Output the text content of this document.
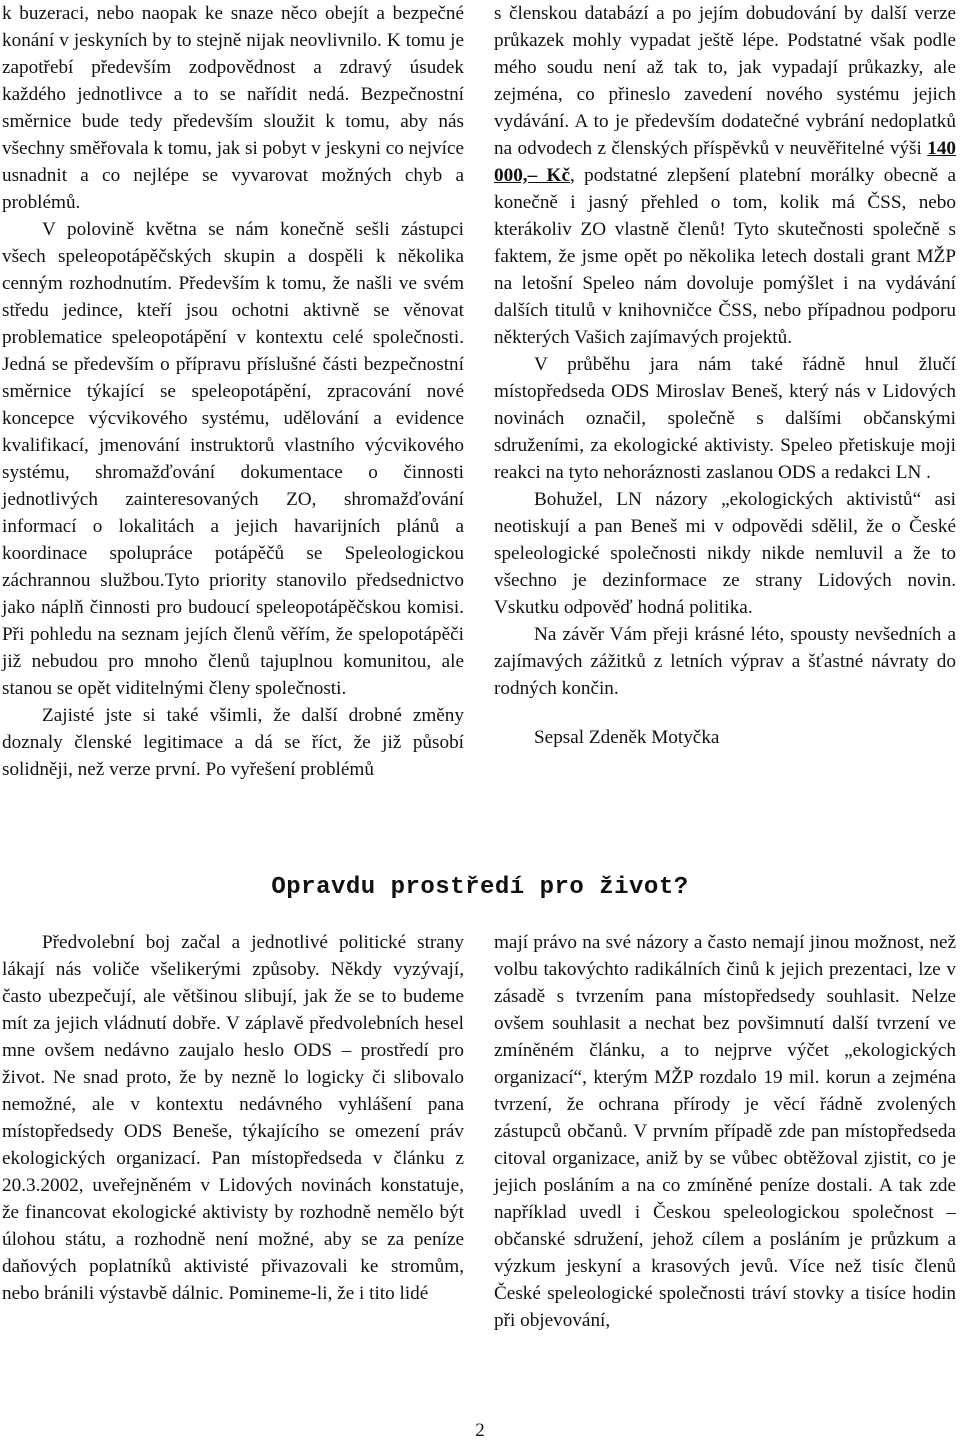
k buzeraci, nebo naopak ke snaze něco obejít a bezpečné konání v jeskyních by to stejně nijak neovlivnilo. K tomu je zapotřebí především zodpovědnost a zdravý úsudek každého jednotlivce a to se nařídit nedá. Bezpečnostní směrnice bude tedy především sloužit k tomu, aby nás všechny směřovala k tomu, jak si pobyt v jeskyni co nejvíce usnadnit a co nejlépe se vyvarovat možných chyb a problémů.

V polovině května se nám konečně sešli zástupci všech speleopotápěčských skupin a dospěli k několika cenným rozhodnutím. Především k tomu, že našli ve svém středu jedince, kteří jsou ochotni aktivně se věnovat problematice speleopotápění v kontextu celé společnosti. Jedná se především o přípravu příslušné části bezpečnostní směrnice týkající se speleopotápění, zpracování nové koncepce výcvikového systému, udělování a evidence kvalifikací, jmenování instruktorů vlastního výcvikového systému, shromažďování dokumentace o činnosti jednotlivých zainteresovaných ZO, shromažďování informací o lokalitách a jejich havarijních plánů a koordinace spolupráce potápěčů se Speleologickou záchrannou službou.Tyto priority stanovilo předsednictvo jako náplň činnosti pro budoucí speleopotápěčskou komisi. Při pohledu na seznam jejích členů věřím, že spelopotápěči již nebudou pro mnoho členů tajuplnou komunitou, ale stanou se opět viditelnými členy společnosti.

Zajisté jste si také všimli, že další drobné změny doznaly členské legitimace a dá se říct, že již působí solidněji, než verze první. Po vyřešení problémů

s členskou databází a po jejím dobudování by další verze průkazek mohly vypadat ještě lépe. Podstatné však podle mého soudu není až tak to, jak vypadají průkazky, ale zejména, co přineslo zavedení nového systému jejich vydávání. A to je především dodatečné vybrání nedoplatků na odvodech z členských příspěvků v neuvěřitelné výši 140 000,– Kč, podstatné zlepšení platební morálky obecně a konečně i jasný přehled o tom, kolik má ČSS, nebo kterákoliv ZO vlastně členů! Tyto skutečnosti společně s faktem, že jsme opět po několika letech dostali grant MŽP na letošní Speleo nám dovoluje pomýšlet i na vydávání dalších titulů v knihovničce ČSS, nebo případnou podporu některých Vašich zajímavých projektů.

V průběhu jara nám také řádně hnul žlučí místopředseda ODS Miroslav Beneš, který nás v Lidových novinách označil, společně s dalšími občanskými sdruženími, za ekologické aktivisty. Speleo přetiskuje moji reakci na tyto nehoráznosti zaslanou ODS a redakci LN .

Bohužel, LN názory „ekologických aktivistů“ asi neotiskují a pan Beneš mi v odpovědi sdělil, že o České speleologické společnosti nikdy nikde nemluvil a že to všechno je dezinformace ze strany Lidových novin. Vskutku odpověď hodná politika.

Na závěr Vám přeji krásné léto, spousty nevšedních a zajímavých zážitků z letních výprav a šťastné návraty do rodných končin.

Sepsal Zdeněk Motyčka

Opravdu prostředí pro život?

Předvolební boj začal a jednotlivé politické strany lákají nás voliče všelikerými způsoby. Někdy vyzývají, často ubezpečují, ale většinou slibují, jak že se to budeme mít za jejich vládnutí dobře. V záplavě předvolebních hesel mne ovšem nedávno zaujalo heslo ODS – prostředí pro život. Ne snad proto, že by nezně lo logicky či slibovalo nemožné, ale v kontextu nedávného vyhlášení pana místopředsedy ODS Beneše, týkajícího se omezení práv ekologických organizací. Pan místopředseda v článku z 20.3.2002, uveřejněném v Lidových novinách konstatuje, že financovat ekologické aktivisty by rozhodně nemělo být úlohou státu, a rozhodně není možné, aby se za peníze daňových poplatníků aktivisté přivazovali ke stromům, nebo bránili výstavbě dálnic. Pomineme-li, že i tito lidé

mají právo na své názory a často nemají jinou možnost, než volbu takovýchto radikálních činů k jejich prezentaci, lze v zásadě s tvrzením pana místopředsedy souhlasit. Nelze ovšem souhlasit a nechat bez povšimnutí další tvrzení ve zmíněném článku, a to nejprve výčet „ekologických organizací“, kterým MŽP rozdalo 19 mil. korun a zejména tvrzení, že ochrana přírody je věcí řádně zvolených zástupců občanů. V prvním případě zde pan místopředseda citoval organizace, aniž by se vůbec obtěžoval zjistit, co je jejich posláním a na co zmíněné peníze dostali. A tak zde například uvedl i Českou speleologickou společnost – občanské sdružení, jehož cílem a posláním je průzkum a výzkum jeskyní a krasových jevů. Více než tisíc členů České speleologické společnosti tráví stovky a tisíce hodin při objevování,

2
